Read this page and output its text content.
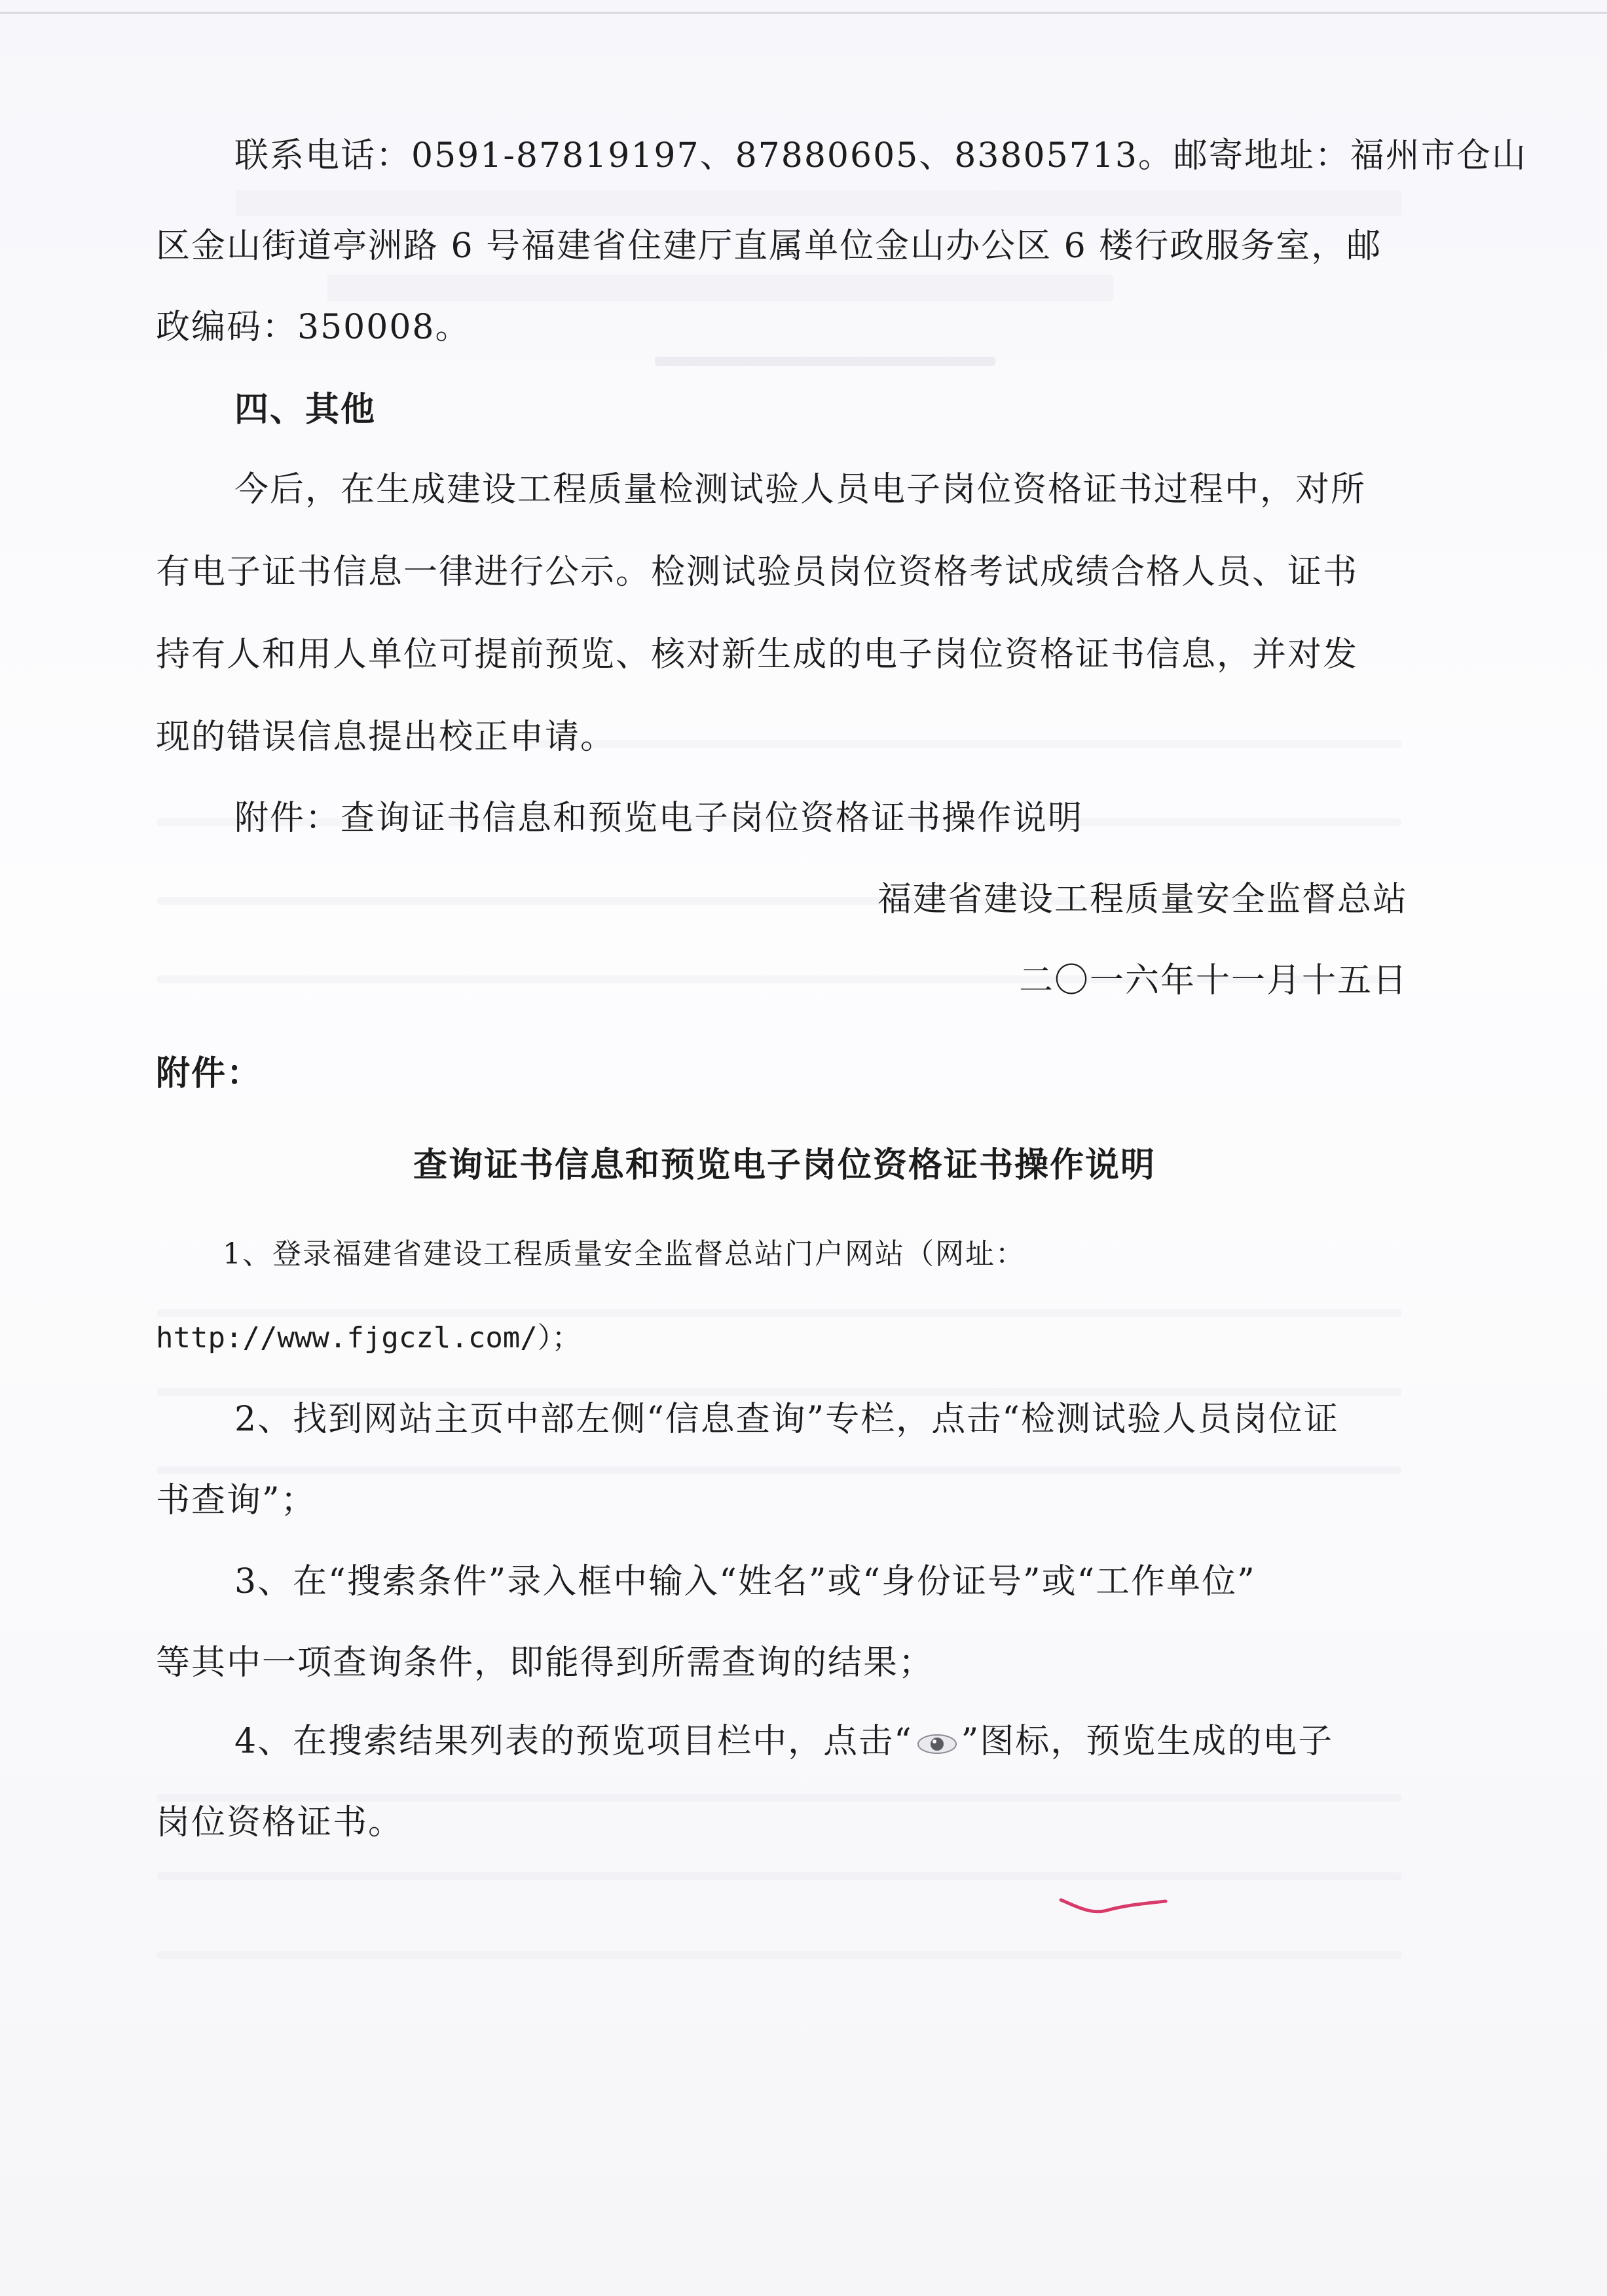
联系电话：0591-87819197、87880605、83805713。邮寄地址：福州市仓山
区金山街道亭洲路 6 号福建省住建厅直属单位金山办公区 6 楼行政服务室，邮
政编码：350008。
四、其他
今后，在生成建设工程质量检测试验人员电子岗位资格证书过程中，对所
有电子证书信息一律进行公示。检测试验员岗位资格考试成绩合格人员、证书
持有人和用人单位可提前预览、核对新生成的电子岗位资格证书信息，并对发
现的错误信息提出校正申请。
附件：查询证书信息和预览电子岗位资格证书操作说明
福建省建设工程质量安全监督总站
二〇一六年十一月十五日
附件：
查询证书信息和预览电子岗位资格证书操作说明
1、登录福建省建设工程质量安全监督总站门户网站（网址：
http://www.fjgczl.com/）；
2、找到网站主页中部左侧“信息查询”专栏，点击“检测试验人员岗位证
书查询”；
3、在“搜索条件”录入框中输入“姓名”或“身份证号”或“工作单位”
等其中一项查询条件，即能得到所需查询的结果；
4、在搜索结果列表的预览项目栏中，点击“ ”图标，预览生成的电子
岗位资格证书。
